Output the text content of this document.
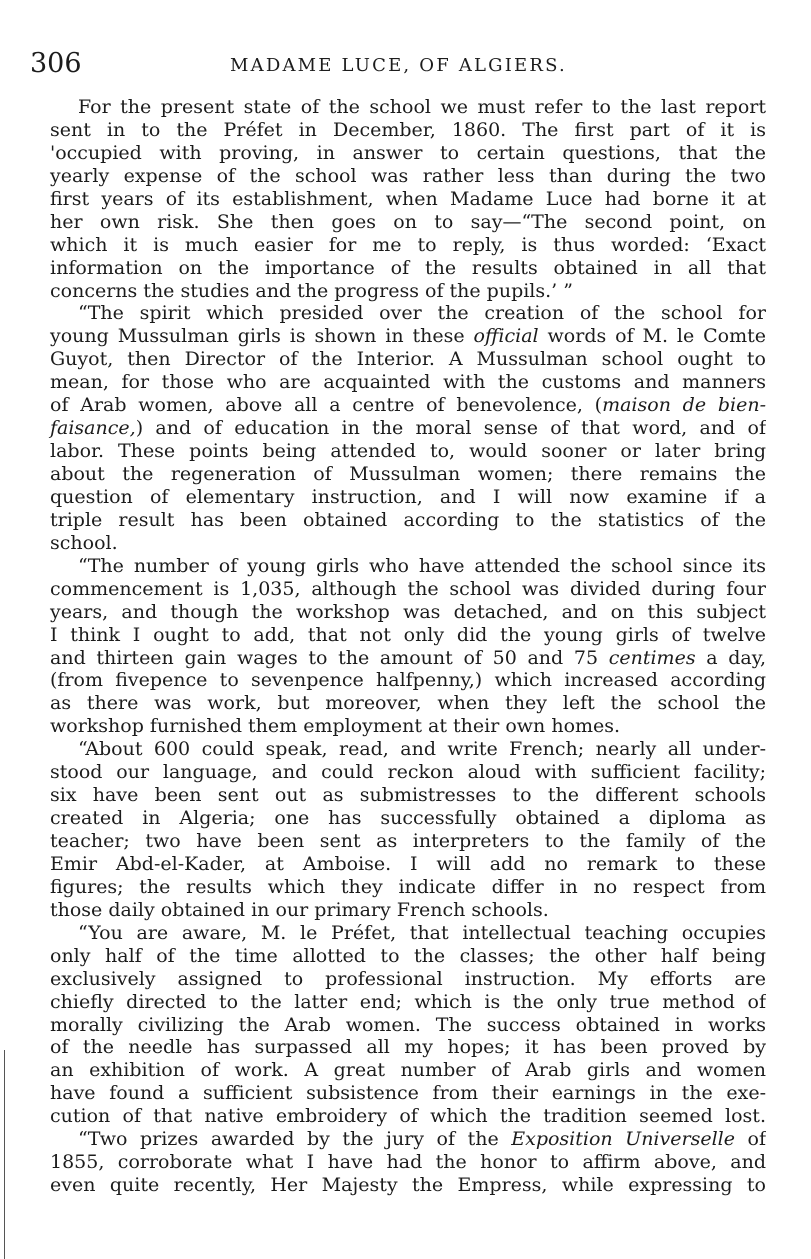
306	MADAME LUCE, OF ALGIERS.
For the present state of the school we must refer to the last report
sent in to the Préfet in December, 1860. The first part of it is
'occupied with proving, in answer to certain questions, that the
yearly expense of the school was rather less than during the two
first years of its establishment, when Madame Luce had borne it at
her own risk. She then goes on to say—“The second point, on
which it is much easier for me to reply, is thus worded: ‘Exact
information on the importance of the results obtained in all that
concerns the studies and the progress of the pupils.’ ”
“The spirit which presided over the creation of the school for
young Mussulman girls is shown in these official words of M. le Comte
Guyot, then Director of the Interior. A Mussulman school ought to
mean, for those who are acquainted with the customs and manners
of Arab women, above all a centre of benevolence, (maison de bien-
faisance,) and of education in the moral sense of that word, and of
labor. These points being attended to, would sooner or later bring
about the regeneration of Mussulman women; there remains the
question of elementary instruction, and I will now examine if a
triple result has been obtained according to the statistics of the
school.
“The number of young girls who have attended the school since its
commencement is 1,035, although the school was divided during four
years, and though the workshop was detached, and on this subject
I think I ought to add, that not only did the young girls of twelve
and thirteen gain wages to the amount of 50 and 75 centimes a day,
(from fivepence to sevenpence halfpenny,) which increased according
as there was work, but moreover, when they left the school the
workshop furnished them employment at their own homes.
“About 600 could speak, read, and write French; nearly all under-
stood our language, and could reckon aloud with sufficient facility;
six have been sent out as submistresses to the different schools
created in Algeria; one has successfully obtained a diploma as
teacher; two have been sent as interpreters to the family of the
Emir Abd-el-Kader, at Amboise. I will add no remark to these
figures; the results which they indicate differ in no respect from
those daily obtained in our primary French schools.
“You are aware, M. le Préfet, that intellectual teaching occupies
only half of the time allotted to the classes; the other half being
exclusively assigned to professional instruction. My efforts are
chiefly directed to the latter end; which is the only true method of
morally civilizing the Arab women. The success obtained in works
of the needle has surpassed all my hopes; it has been proved by
an exhibition of work. A great number of Arab girls and women
have found a sufficient subsistence from their earnings in the exe-
cution of that native embroidery of which the tradition seemed lost.
“Two prizes awarded by the jury of the Exposition Universelle of
1855, corroborate what I have had the honor to affirm above, and
even quite recently, Her Majesty the Empress, while expressing to
